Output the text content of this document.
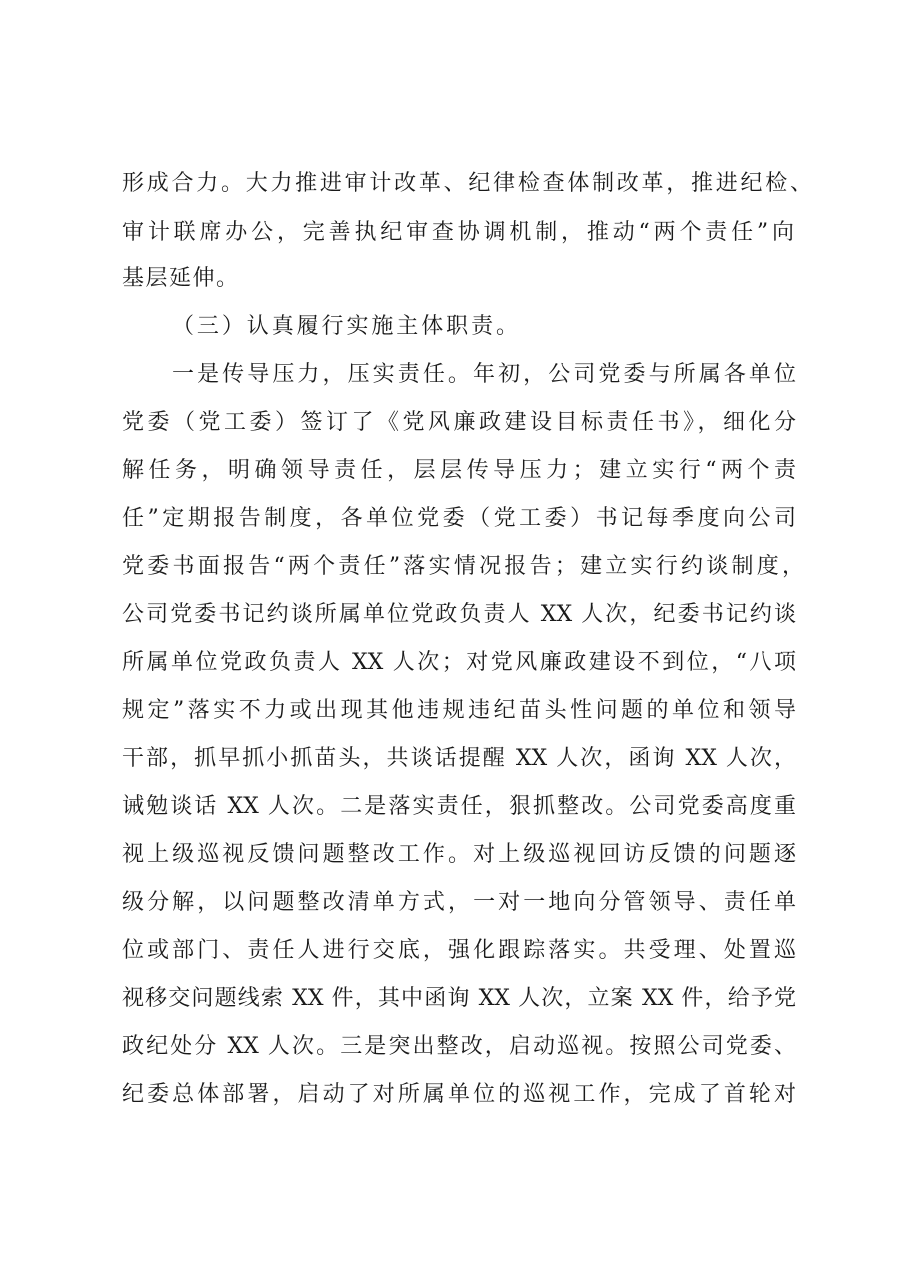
形成合力。大力推进审计改革、纪律检查体制改革，推进纪检、
审计联席办公，完善执纪审查协调机制，推动“两个责任”向
基层延伸。
（三）认真履行实施主体职责。
一是传导压力，压实责任。年初，公司党委与所属各单位
党委（党工委）签订了《党风廉政建设目标责任书》，细化分
解任务，明确领导责任，层层传导压力；建立实行“两个责
任”定期报告制度，各单位党委（党工委）书记每季度向公司
党委书面报告“两个责任”落实情况报告；建立实行约谈制度，
公司党委书记约谈所属单位党政负责人 XX 人次，纪委书记约谈
所属单位党政负责人 XX 人次；对党风廉政建设不到位，“八项
规定”落实不力或出现其他违规违纪苗头性问题的单位和领导
干部，抓早抓小抓苗头，共谈话提醒 XX 人次，函询 XX 人次，
诫勉谈话 XX 人次。二是落实责任，狠抓整改。公司党委高度重
视上级巡视反馈问题整改工作。对上级巡视回访反馈的问题逐
级分解，以问题整改清单方式，一对一地向分管领导、责任单
位或部门、责任人进行交底，强化跟踪落实。共受理、处置巡
视移交问题线索 XX 件，其中函询 XX 人次，立案 XX 件，给予党
政纪处分 XX 人次。三是突出整改，启动巡视。按照公司党委、
纪委总体部署，启动了对所属单位的巡视工作，完成了首轮对
